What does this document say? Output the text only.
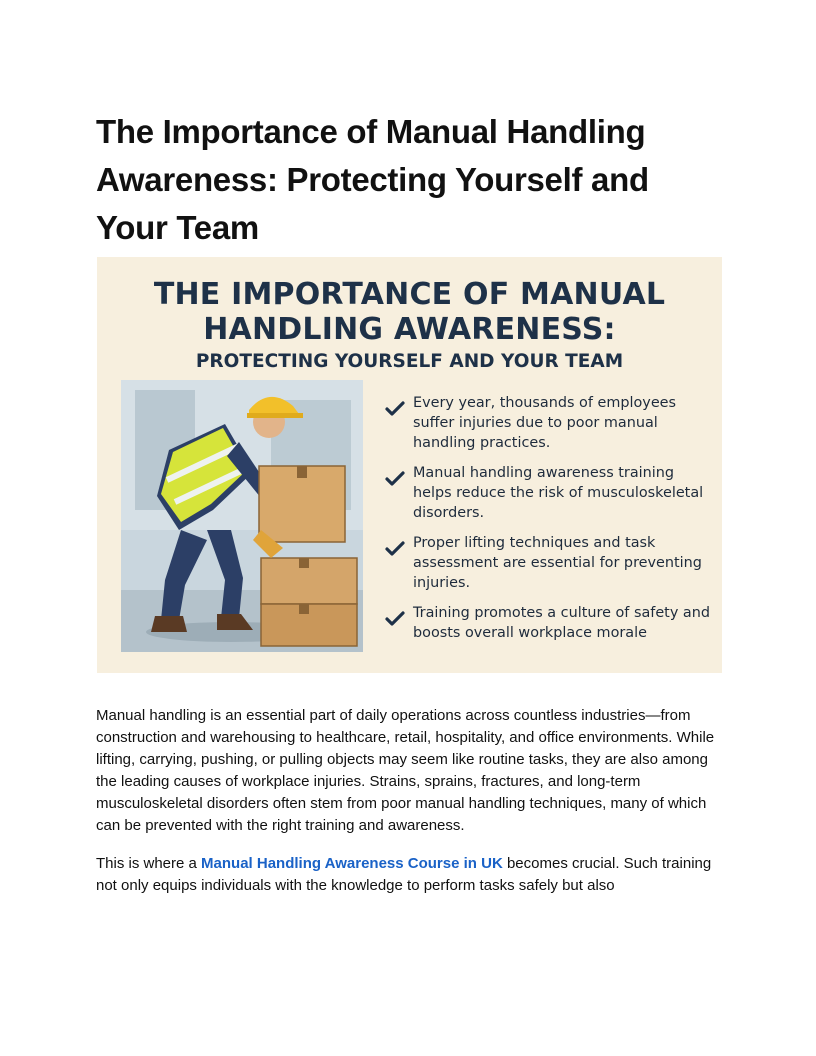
The Importance of Manual Handling Awareness: Protecting Yourself and Your Team
THE IMPORTANCE OF MANUAL
HANDLING AWARENESS:
PROTECTING YOURSELF AND YOUR TEAM
Every year, thousands of employees suffer injuries due to poor manual handling practices.
Manual handling awareness training helps reduce the risk of musculoskeletal disorders.
Proper lifting techniques and task assessment are essential for preventing injuries.
Training promotes a culture of safety and boosts overall workplace morale

Manual handling is an essential part of daily operations across countless industries—from construction and warehousing to healthcare, retail, hospitality, and office environments. While lifting, carrying, pushing, or pulling objects may seem like routine tasks, they are also among the leading causes of workplace injuries. Strains, sprains, fractures, and long-term musculoskeletal disorders often stem from poor manual handling techniques, many of which can be prevented with the right training and awareness.

This is where a Manual Handling Awareness Course in UK becomes crucial. Such training not only equips individuals with the knowledge to perform tasks safely but also
